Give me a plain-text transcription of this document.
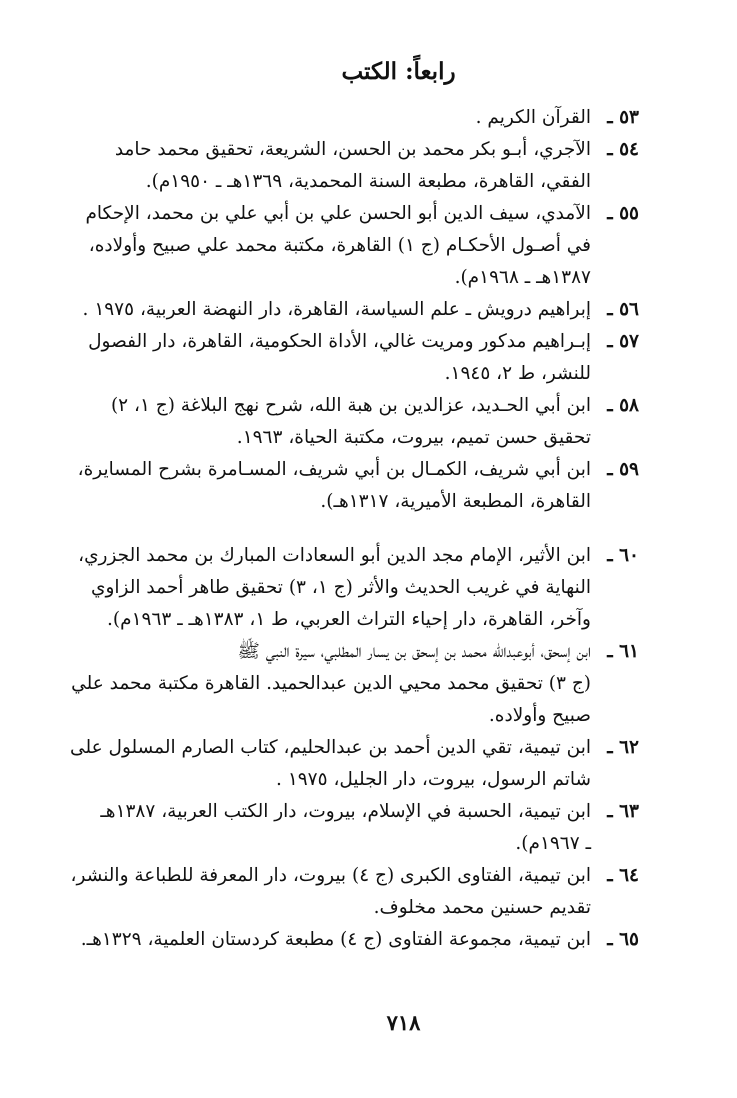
رابعاً: الكتب
٥٣ ـ
القرآن الكريم .
٥٤ ـ
الآجري، أبـو بكر محمد بن الحسن، الشريعة، تحقيق محمد حامد
الفقي، القاهرة، مطبعة السنة المحمدية، ١٣٦٩هـ ـ ١٩٥٠م).
٥٥ ـ
الآمدي، سيف الدين أبو الحسن علي بن أبي علي بن محمد، الإحكام
في أصـول الأحكـام (ج ١) القاهرة، مكتبة محمد علي صبيح وأولاده،
١٣٨٧هـ ـ ١٩٦٨م).
٥٦ ـ
إبراهيم درويش ـ علم السياسة، القاهرة، دار النهضة العربية، ١٩٧٥ .
٥٧ ـ
إبـراهيم مدكور ومريت غالي، الأداة الحكومية، القاهرة، دار الفصول
للنشر، ط ٢، ١٩٤٥.
٥٨ ـ
ابن أبي الحـديد، عزالدين بن هبة الله، شرح نهج البلاغة (ج ١، ٢)
تحقيق حسن تميم، بيروت، مكتبة الحياة، ١٩٦٣.
٥٩ ـ
ابن أبي شريف، الكمـال بن أبي شريف، المسـامرة بشرح المسايرة،
القاهرة، المطبعة الأميرية، ١٣١٧هـ).
٦٠ ـ
ابن الأثير، الإمام مجد الدين أبو السعادات المبارك بن محمد الجزري،
النهاية في غريب الحديث والأثر (ج ١، ٣) تحقيق طاهر أحمد الزاوي
وآخر، القاهرة، دار إحياء التراث العربي، ط ١، ١٣٨٣هـ ـ ١٩٦٣م).
٦١ ـ
ابن إسحق، أبوعبدالله محمد بن إسحق بن يسار المطلبي، سيرة النبي ﷺ
(ج ٣) تحقيق محمد محيي الدين عبدالحميد. القاهرة مكتبة محمد علي
صبيح وأولاده.
٦٢ ـ
ابن تيمية، تقي الدين أحمد بن عبدالحليم، كتاب الصارم المسلول على
شاتم الرسول، بيروت، دار الجليل، ١٩٧٥ .
٦٣ ـ
ابن تيمية، الحسبة في الإسلام، بيروت، دار الكتب العربية، ١٣٨٧هـ
ـ ١٩٦٧م).
٦٤ ـ
ابن تيمية، الفتاوى الكبرى (ج ٤) بيروت، دار المعرفة للطباعة والنشر،
تقديم حسنين محمد مخلوف.
٦٥ ـ
ابن تيمية، مجموعة الفتاوى (ج ٤) مطبعة كردستان العلمية، ١٣٢٩هـ.
٧١٨
